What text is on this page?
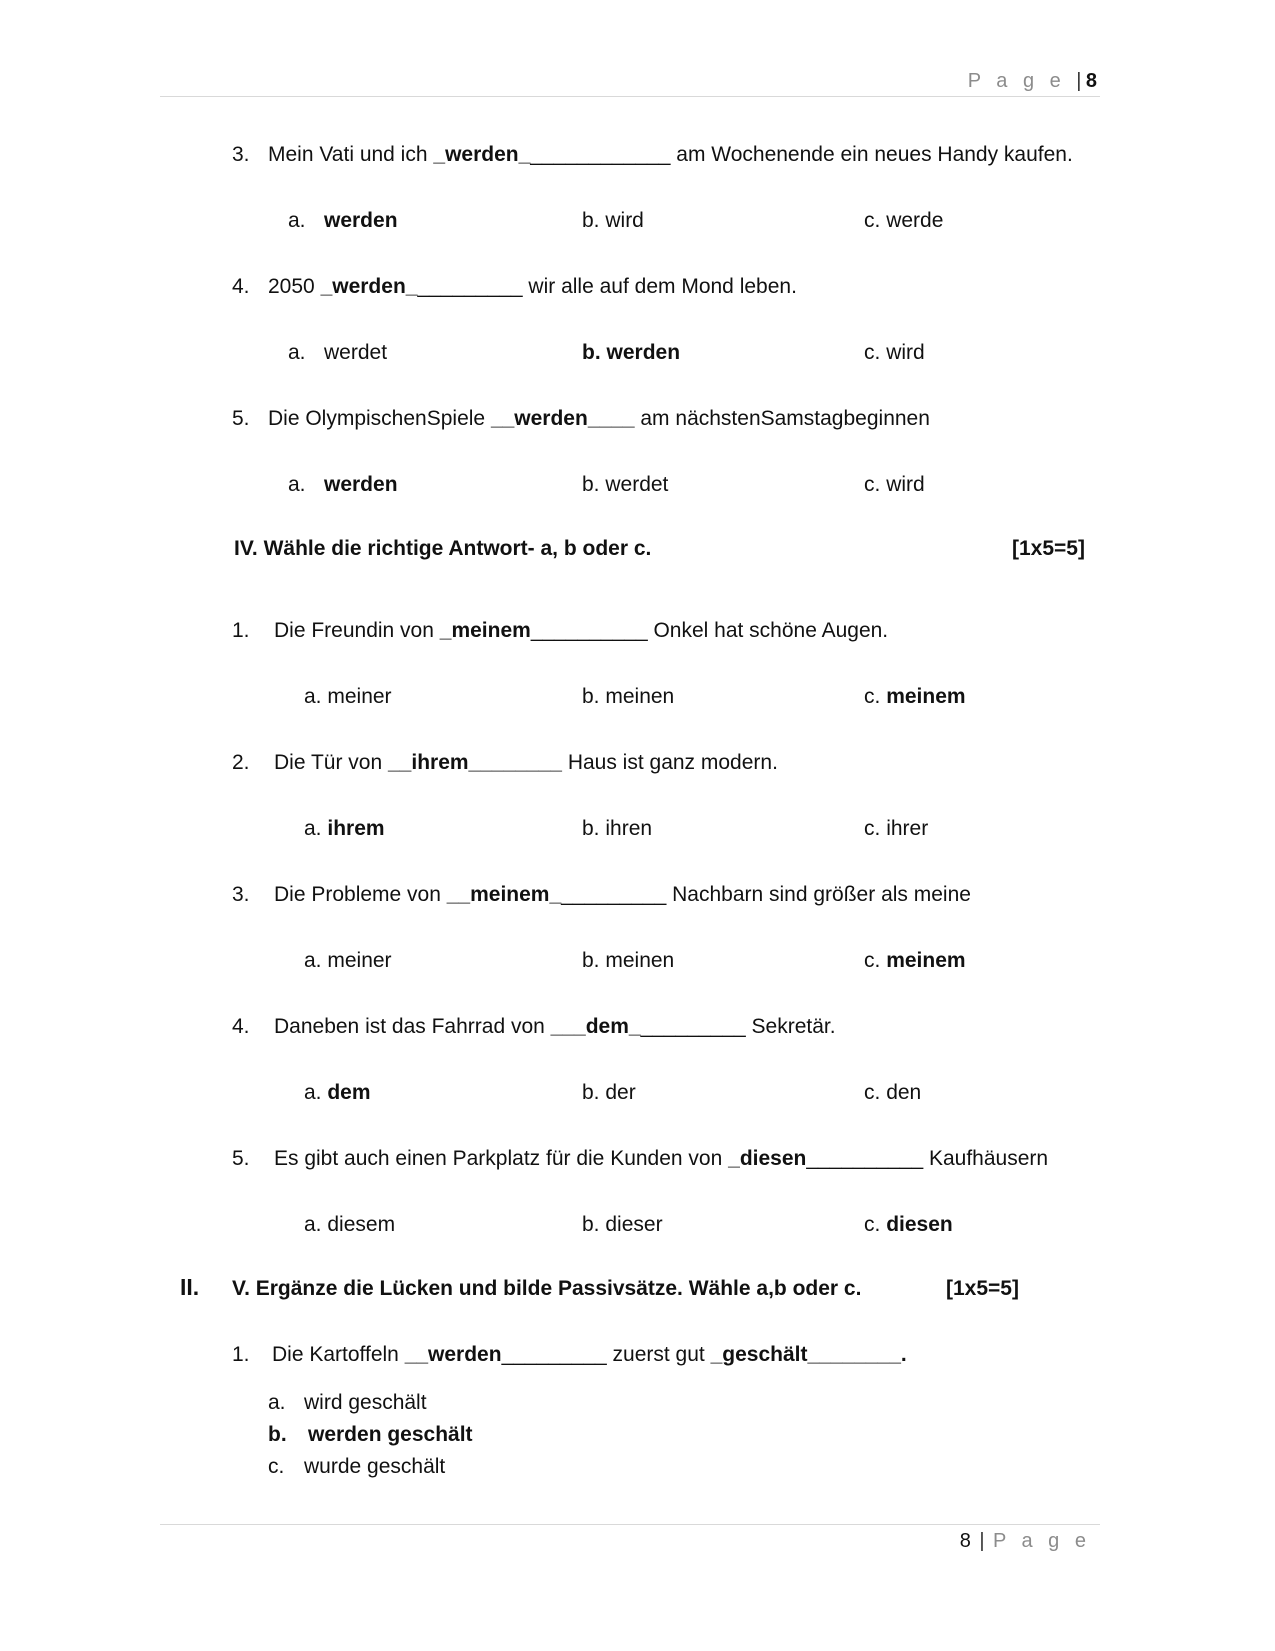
P a g e | 8
3. Mein Vati und ich _werden_____________ am Wochenende ein neues Handy kaufen.
a. werden	b. wird	c. werde
4. 2050 _werden__________ wir alle auf dem Mond leben.
a. werdet	b. werden	c. wird
5. Die OlympischenSpiele __werden____ am nächstenSamstagbeginnen
a. werden	b. werdet	c. wird
IV. Wähle die richtige Antwort- a, b oder c.	[1x5=5]
1. Die Freundin von _meinem__________ Onkel hat schöne Augen.
a. meiner	b. meinen	c. meinem
2. Die Tür von __ihrem________ Haus ist ganz modern.
a. ihrem	b. ihren	c. ihrer
3. Die Probleme von __meinem__________ Nachbarn sind größer als meine
a. meiner	b. meinen	c. meinem
4. Daneben ist das Fahrrad von ___dem__________ Sekretär.
a. dem	b. der	c. den
5. Es gibt auch einen Parkplatz für die Kunden von _diesen__________ Kaufhäusern
a. diesem	b. dieser	c. diesen
II. V. Ergänze die Lücken und bilde Passivsätze. Wähle a,b oder c.	[1x5=5]
1. Die Kartoffeln __werden_________ zuerst gut _geschält________.
a. wird geschält
b. werden geschält
c. wurde geschält
8 | P a g e
